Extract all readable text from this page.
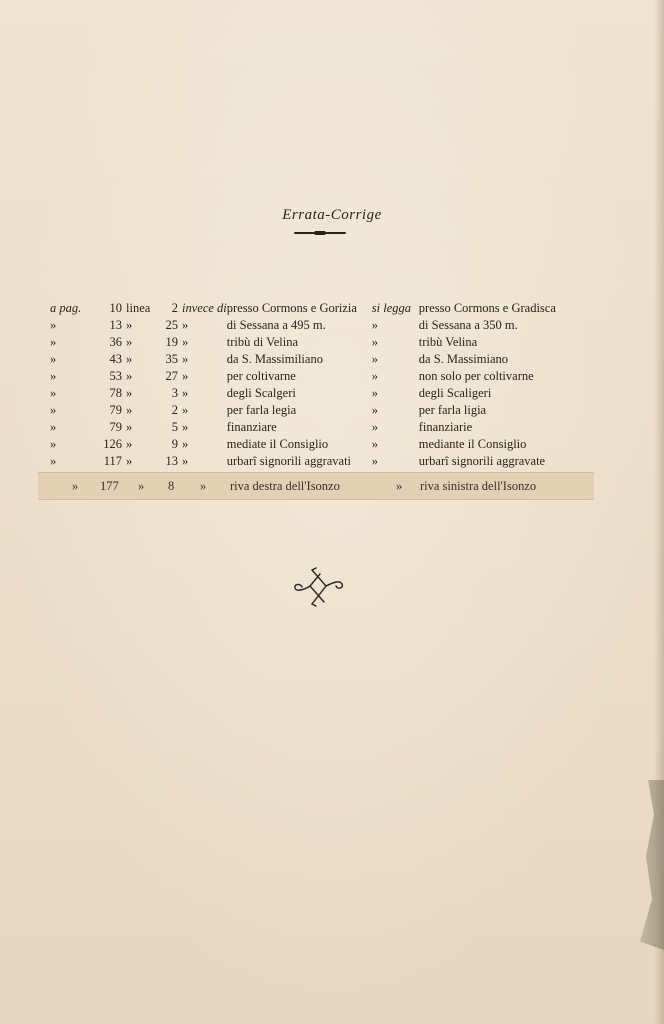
Errata-Corrige
a pag.	10	linea	2	invece di	presso Cormons e Gorizia	si legga	presso Cormons e Gradisca
»	13	»	25	»	di Sessana a 495 m.	»	di Sessana a 350 m.
»	36	»	19	»	tribù di Velina	»	tribù Velina
»	43	»	35	»	da S. Massimiliano	»	da S. Massimiano
»	53	»	27	»	per coltivarne	»	non solo per coltivarne
»	78	»	3	»	degli Scalgeri	»	degli Scaligeri
»	79	»	2	»	per farla legia	»	per farla ligia
»	79	»	5	»	finanziare	»	finanziarie
»	126	»	9	»	mediate il Consiglio	»	mediante il Consiglio
»	117	»	13	»	urbarî signorili aggravati	»	urbarî signorili aggravate
» 177 » 8 » riva destra dell'Isonzo	» riva sinistra dell'Isonzo
